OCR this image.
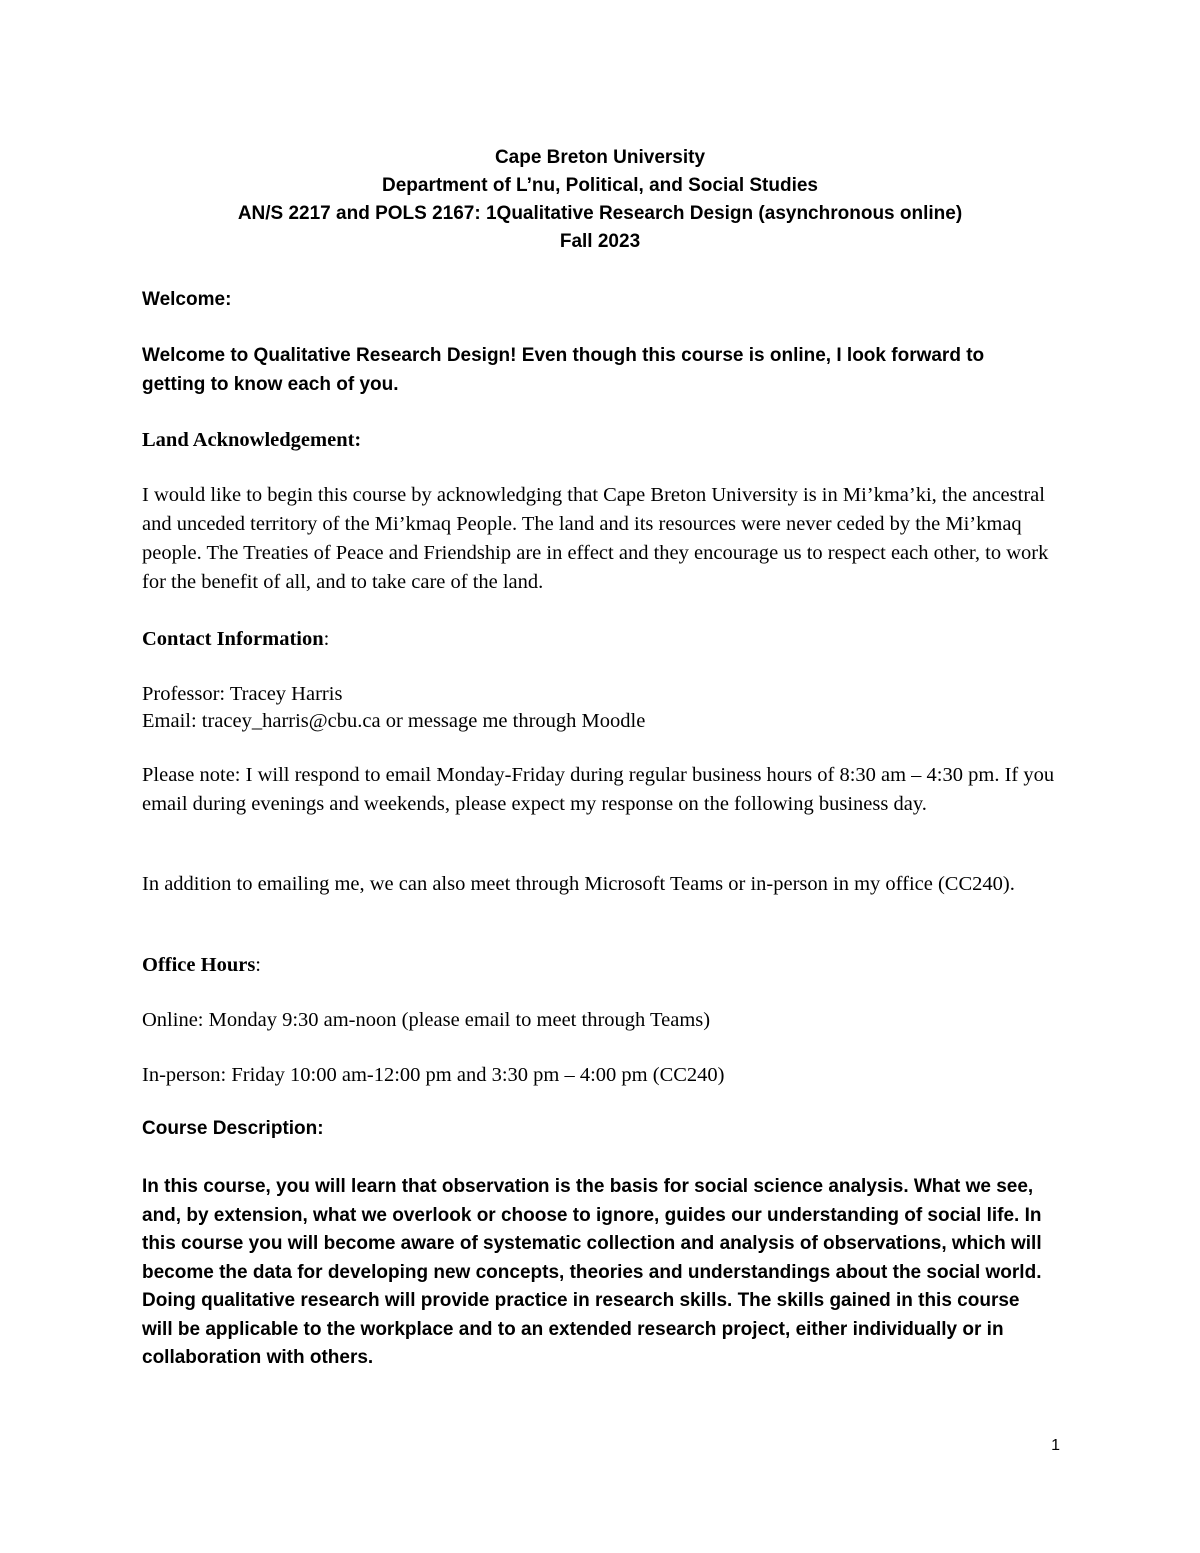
Cape Breton University
Department of L’nu, Political, and Social Studies
AN/S 2217 and POLS 2167: 1Qualitative Research Design (asynchronous online)
Fall 2023
Welcome:
Welcome to Qualitative Research Design! Even though this course is online, I look forward to getting to know each of you.
Land Acknowledgement:
I would like to begin this course by acknowledging that Cape Breton University is in Mi’kma’ki, the ancestral and unceded territory of the Mi’kmaq People. The land and its resources were never ceded by the Mi’kmaq people. The Treaties of Peace and Friendship are in effect and they encourage us to respect each other, to work for the benefit of all, and to take care of the land.
Contact Information:
Professor: Tracey Harris
Email: tracey_harris@cbu.ca or message me through Moodle
Please note: I will respond to email Monday-Friday during regular business hours of 8:30 am – 4:30 pm. If you email during evenings and weekends, please expect my response on the following business day.
In addition to emailing me, we can also meet through Microsoft Teams or in-person in my office (CC240).
Office Hours:
Online: Monday 9:30 am-noon (please email to meet through Teams)
In-person: Friday 10:00 am-12:00 pm and 3:30 pm – 4:00 pm (CC240)
Course Description:
In this course, you will learn that observation is the basis for social science analysis. What we see, and, by extension, what we overlook or choose to ignore, guides our understanding of social life. In this course you will become aware of systematic collection and analysis of observations, which will become the data for developing new concepts, theories and understandings about the social world. Doing qualitative research will provide practice in research skills. The skills gained in this course will be applicable to the workplace and to an extended research project, either individually or in collaboration with others.
1
